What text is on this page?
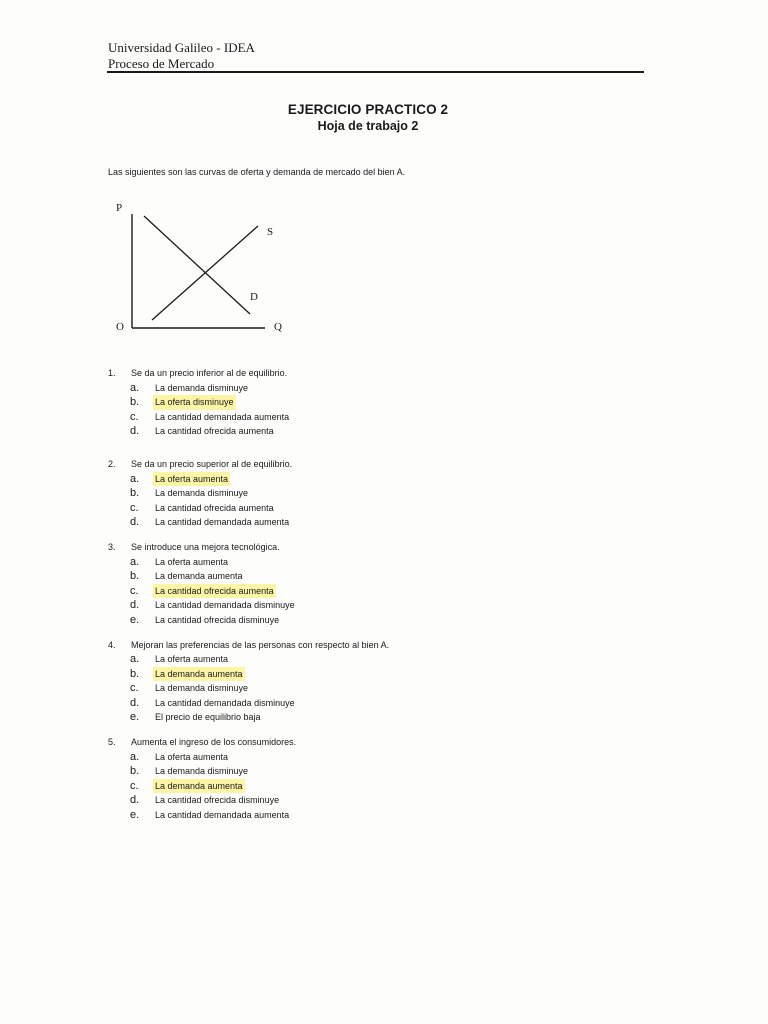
Universidad Galileo - IDEA
Proceso de Mercado
EJERCICIO PRACTICO 2
Hoja de trabajo 2
Las siguientes son las curvas de oferta y demanda de mercado del bien A.
P
O	Q
S
D
1.	Se da un precio inferior al de equilibrio.
a.	La demanda disminuye
b.	La oferta disminuye
c.	La cantidad demandada aumenta
d.	La cantidad ofrecida aumenta
2.	Se da un precio superior al de equilibrio.
a.	La oferta aumenta
b.	La demanda disminuye
c.	La cantidad ofrecida aumenta
d.	La cantidad demandada aumenta
3.	Se introduce una mejora tecnológica.
a.	La oferta aumenta
b.	La demanda aumenta
c.	La cantidad ofrecida aumenta
d.	La cantidad demandada disminuye
e.	La cantidad ofrecida disminuye
4.	Mejoran las preferencias de las personas con respecto al bien A.
a.	La oferta aumenta
b.	La demanda aumenta
c.	La demanda disminuye
d.	La cantidad demandada disminuye
e.	El precio de equilibrio baja
5.	Aumenta el ingreso de los consumidores.
a.	La oferta aumenta
b.	La demanda disminuye
c.	La demanda aumenta
d.	La cantidad ofrecida disminuye
e.	La cantidad demandada aumenta
